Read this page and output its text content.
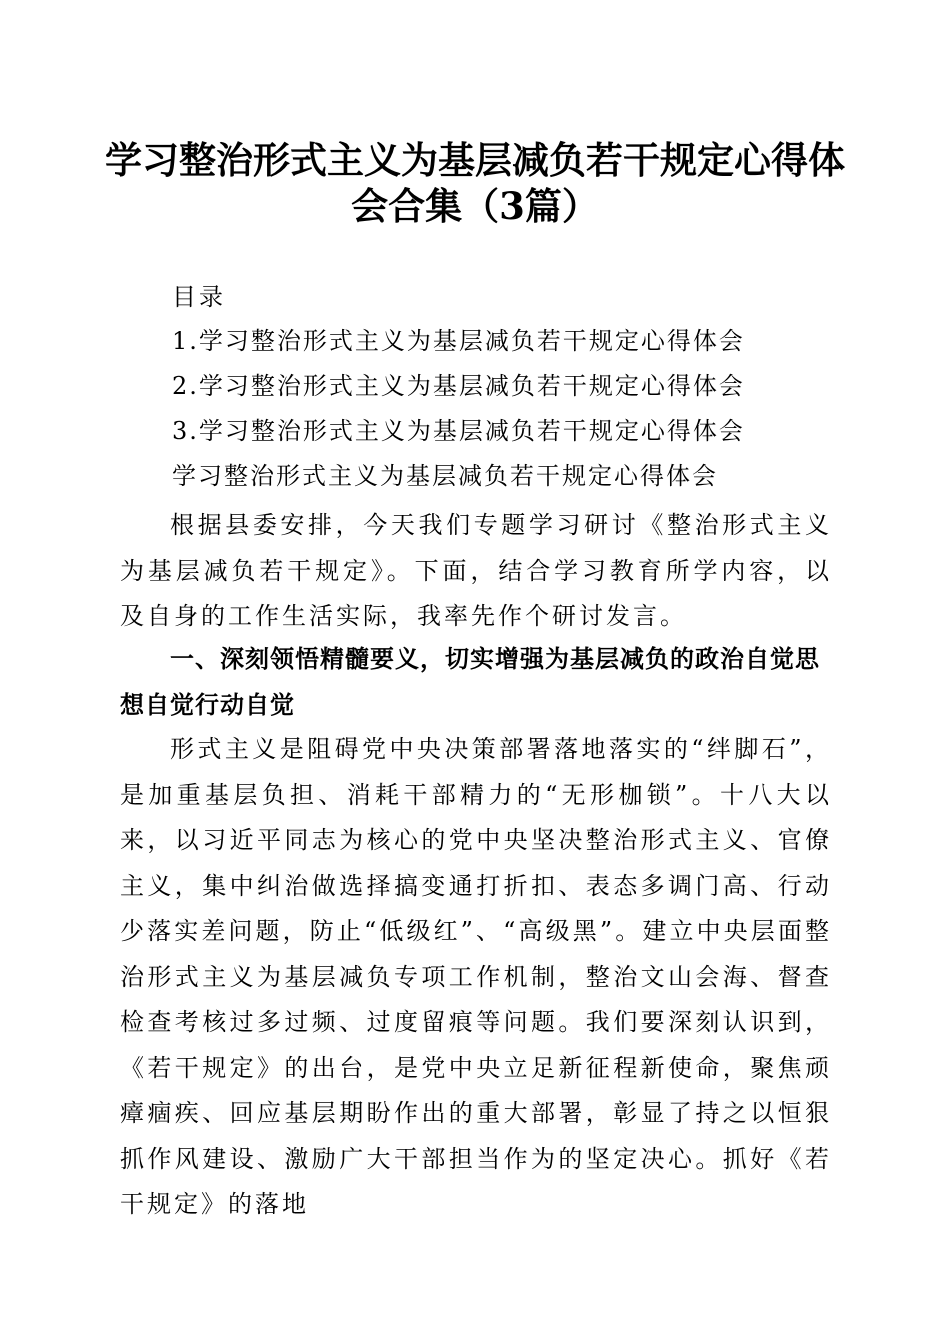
学习整治形式主义为基层减负若干规定心得体
会合集（3篇）
目录
1.学习整治形式主义为基层减负若干规定心得体会
2.学习整治形式主义为基层减负若干规定心得体会
3.学习整治形式主义为基层减负若干规定心得体会
学习整治形式主义为基层减负若干规定心得体会
根据县委安排，今天我们专题学习研讨《整治形式主义为基层减负若干规定》。下面，结合学习教育所学内容，以及自身的工作生活实际，我率先作个研讨发言。
一、深刻领悟精髓要义，切实增强为基层减负的政治自觉思想自觉行动自觉
形式主义是阻碍党中央决策部署落地落实的“绊脚石”，是加重基层负担、消耗干部精力的“无形枷锁”。十八大以来，以习近平同志为核心的党中央坚决整治形式主义、官僚主义，集中纠治做选择搞变通打折扣、表态多调门高、行动少落实差问题，防止“低级红”、“高级黑”。建立中央层面整治形式主义为基层减负专项工作机制，整治文山会海、督查检查考核过多过频、过度留痕等问题。我们要深刻认识到，《若干规定》的出台，是党中央立足新征程新使命，聚焦顽瘴痼疾、回应基层期盼作出的重大部署，彰显了持之以恒狠抓作风建设、激励广大干部担当作为的坚定决心。抓好《若干规定》的落地
